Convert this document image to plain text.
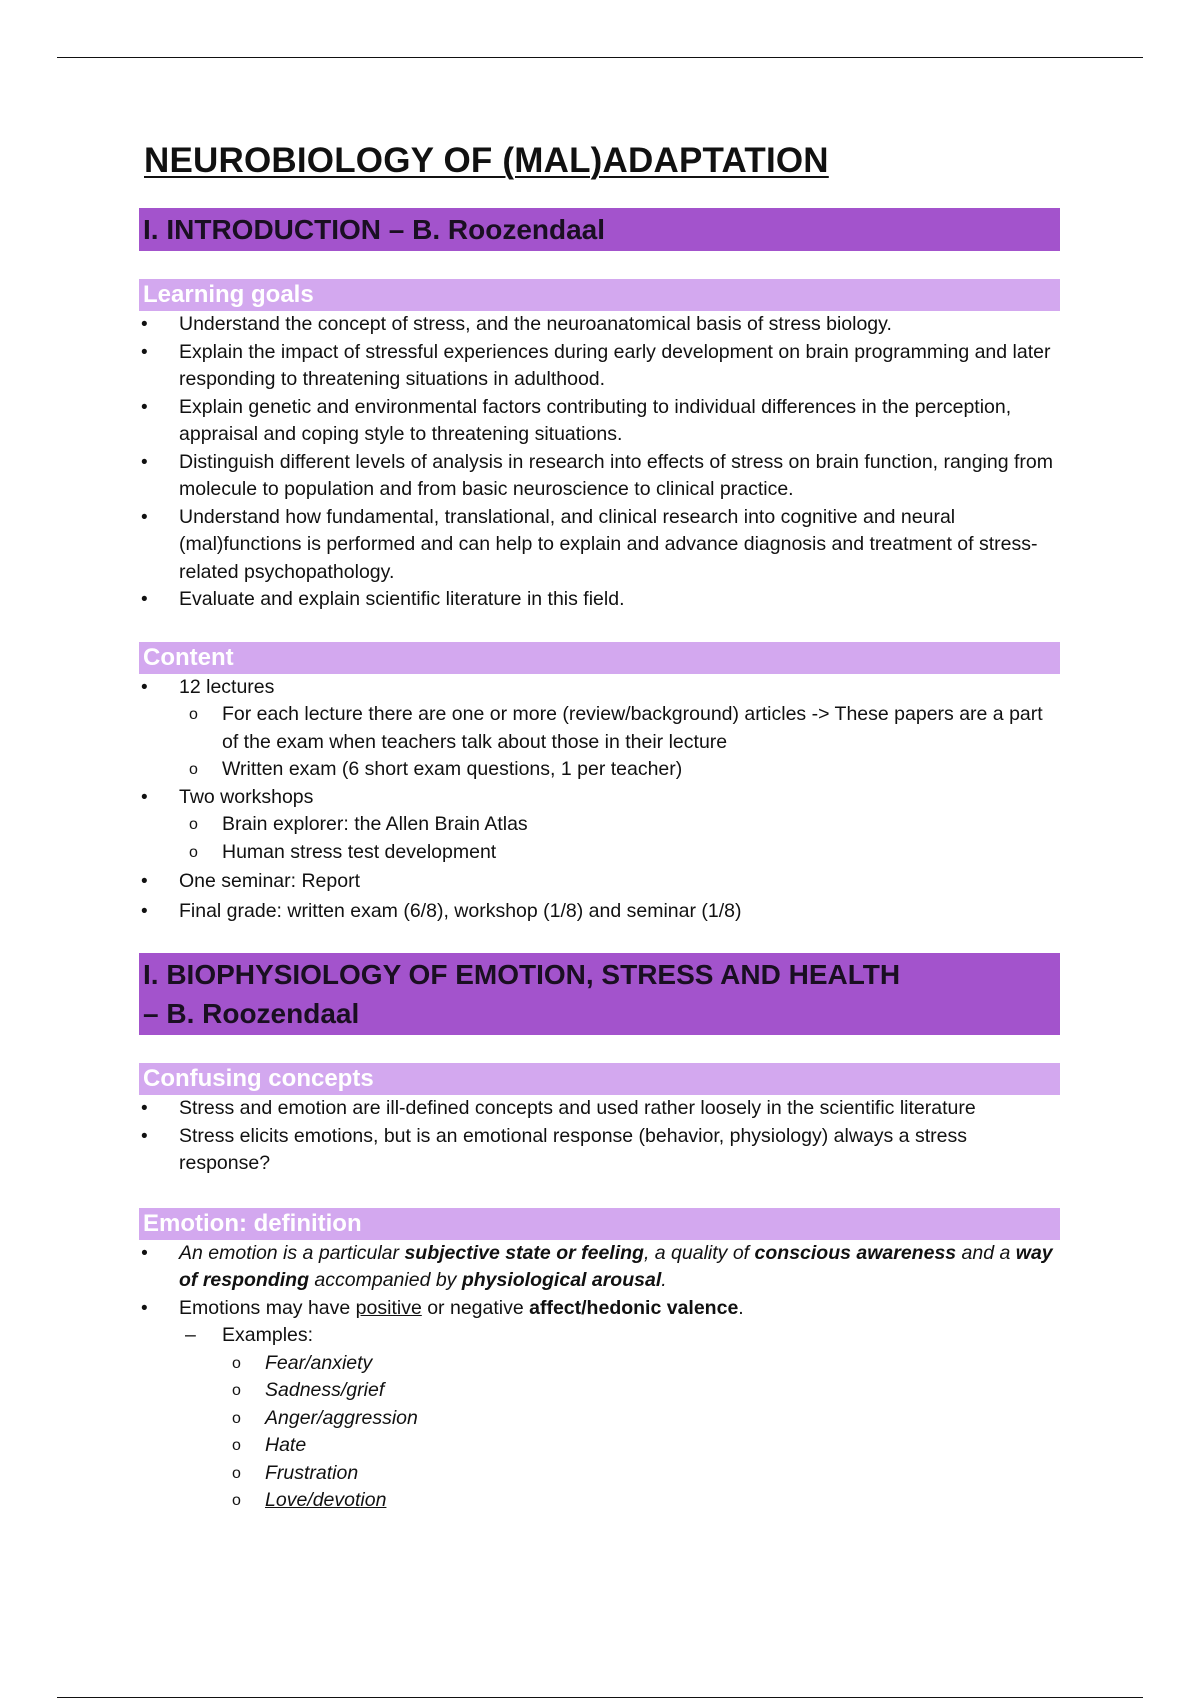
NEUROBIOLOGY OF (MAL)ADAPTATION
I. INTRODUCTION – B. Roozendaal
Learning goals
• Understand the concept of stress, and the neuroanatomical basis of stress biology.
• Explain the impact of stressful experiences during early development on brain programming and later responding to threatening situations in adulthood.
• Explain genetic and environmental factors contributing to individual differences in the perception, appraisal and coping style to threatening situations.
• Distinguish different levels of analysis in research into effects of stress on brain function, ranging from molecule to population and from basic neuroscience to clinical practice.
• Understand how fundamental, translational, and clinical research into cognitive and neural (mal)functions is performed and can help to explain and advance diagnosis and treatment of stress-related psychopathology.
• Evaluate and explain scientific literature in this field.
Content
• 12 lectures
o For each lecture there are one or more (review/background) articles -> These papers are a part of the exam when teachers talk about those in their lecture
o Written exam (6 short exam questions, 1 per teacher)
• Two workshops
o Brain explorer: the Allen Brain Atlas
o Human stress test development
• One seminar: Report
• Final grade: written exam (6/8), workshop (1/8) and seminar (1/8)
I. BIOPHYSIOLOGY OF EMOTION, STRESS AND HEALTH
– B. Roozendaal
Confusing concepts
• Stress and emotion are ill-defined concepts and used rather loosely in the scientific literature
• Stress elicits emotions, but is an emotional response (behavior, physiology) always a stress response?
Emotion: definition
• An emotion is a particular subjective state or feeling, a quality of conscious awareness and a way of responding accompanied by physiological arousal.
• Emotions may have positive or negative affect/hedonic valence.
– Examples:
o Fear/anxiety
o Sadness/grief
o Anger/aggression
o Hate
o Frustration
o Love/devotion
